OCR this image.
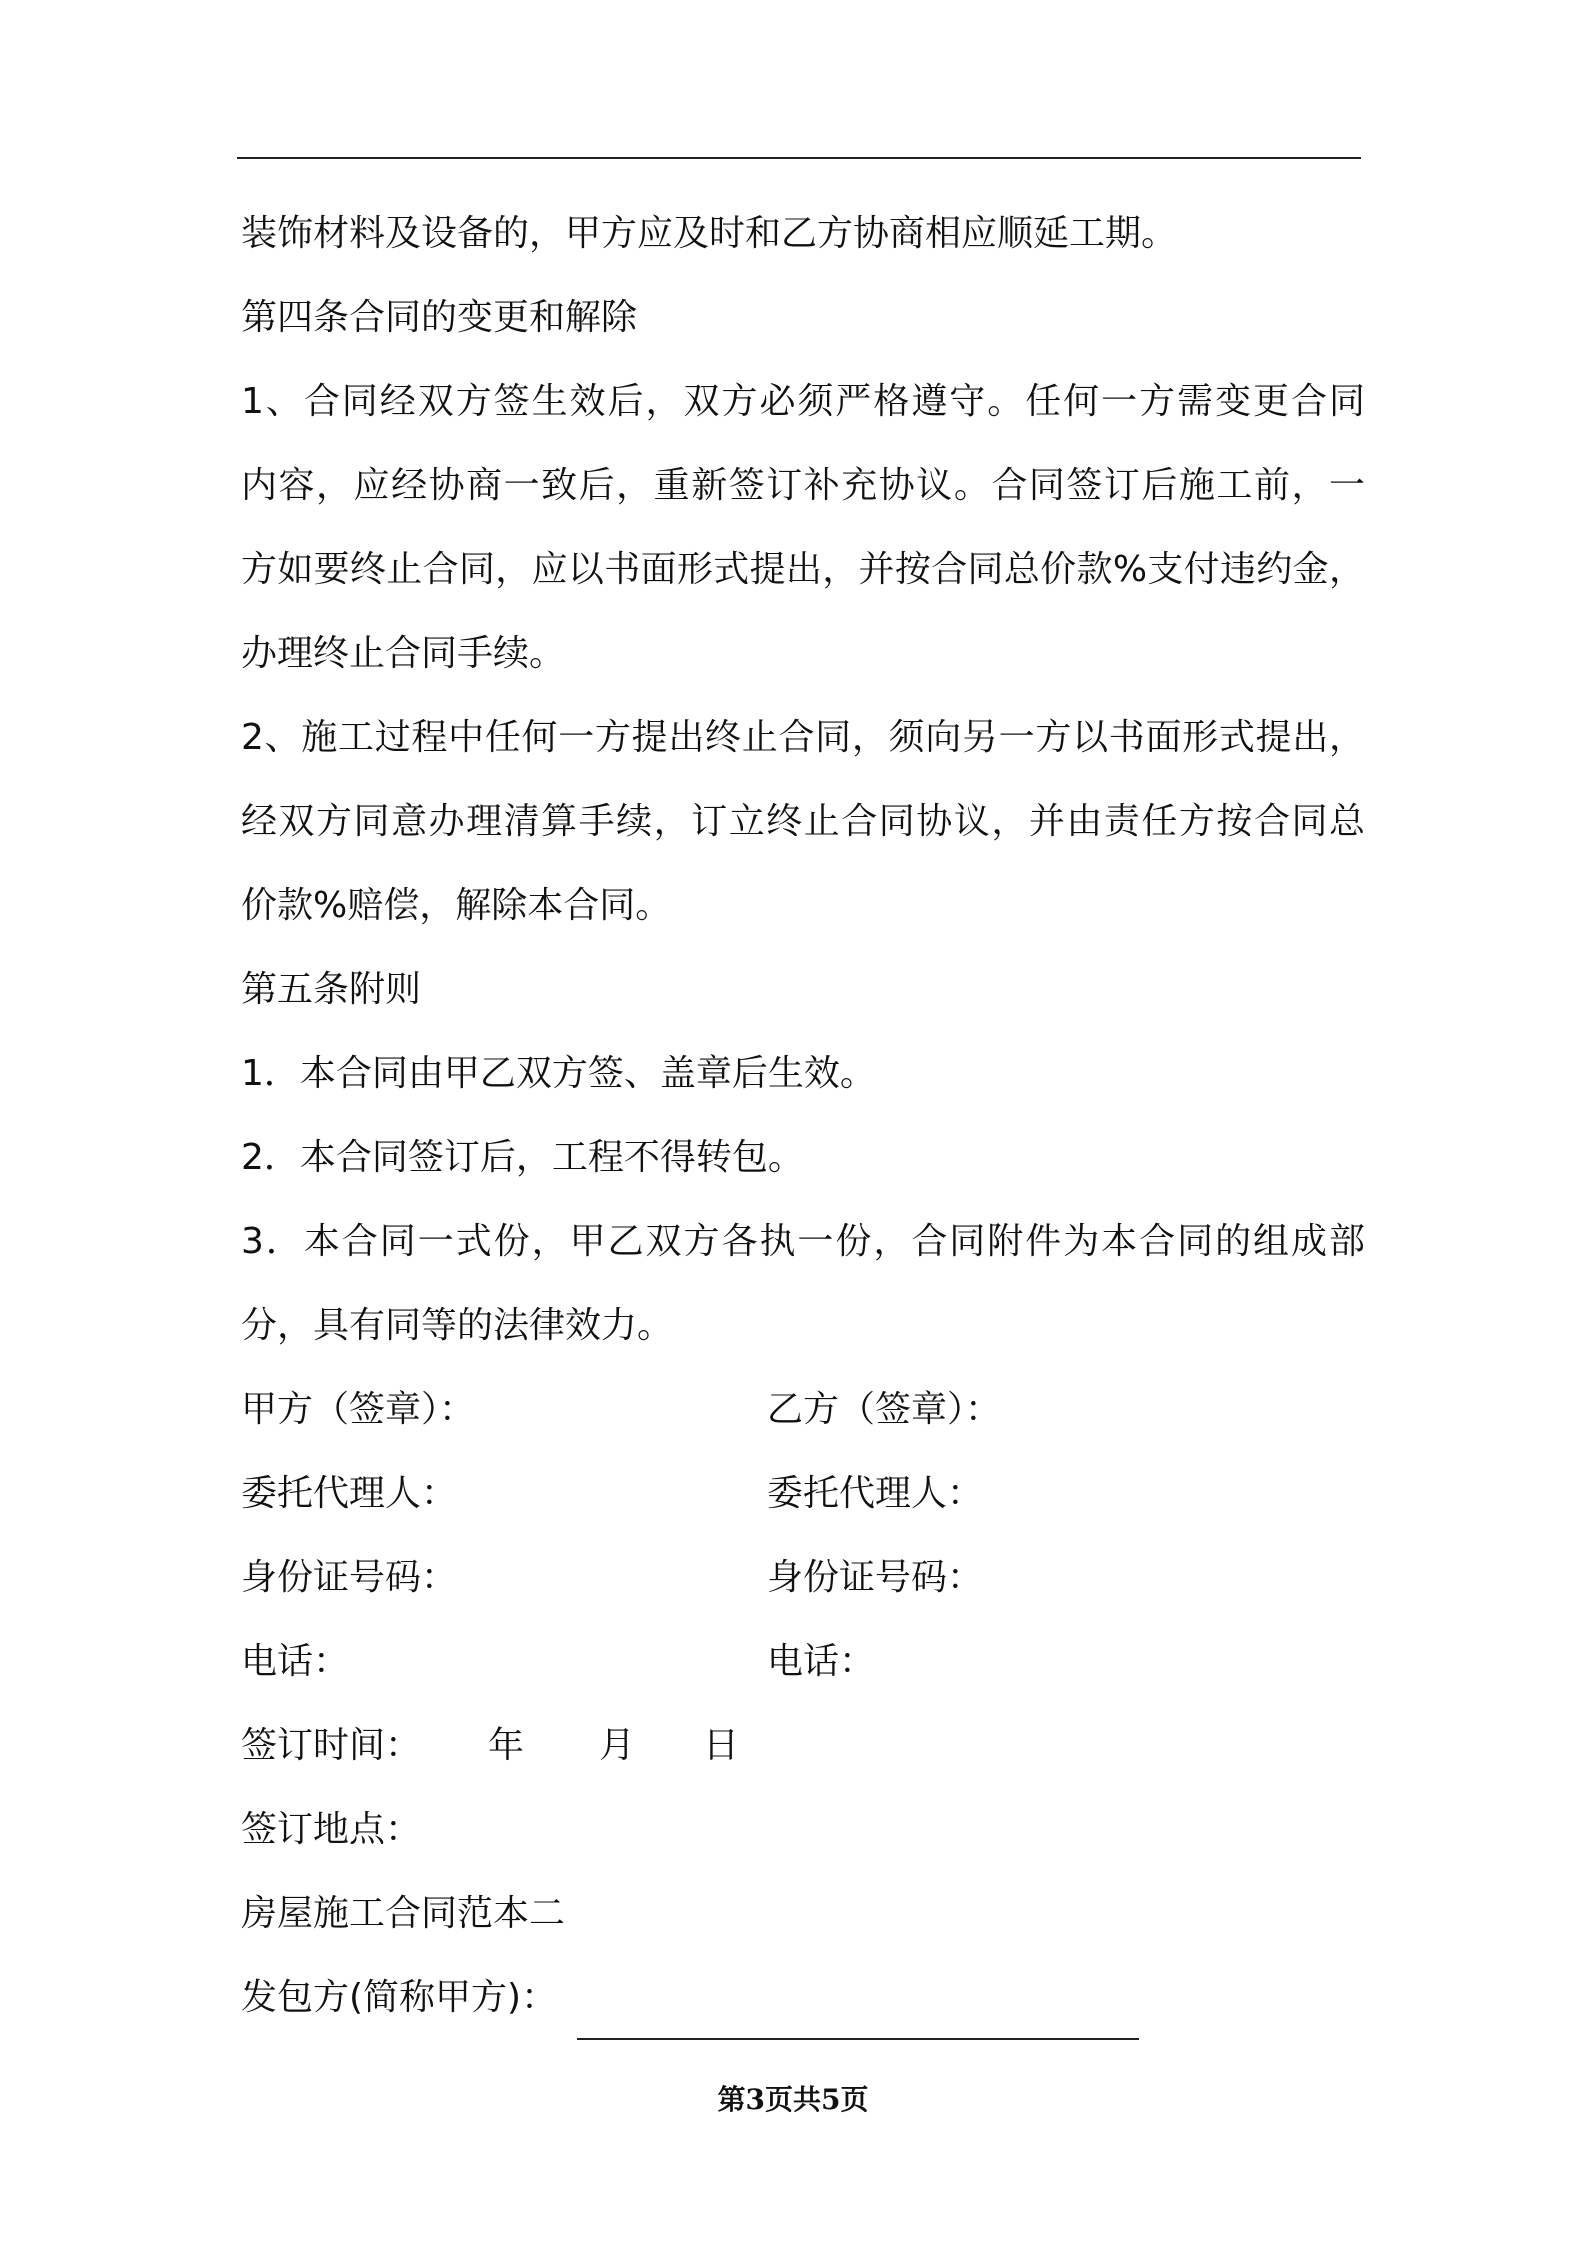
装饰材料及设备的，甲方应及时和乙方协商相应顺延工期。
第四条合同的变更和解除
1、合同经双方签生效后，双方必须严格遵守。任何一方需变更合同
内容，应经协商一致后，重新签订补充协议。合同签订后施工前，一
方如要终止合同，应以书面形式提出，并按合同总价款%支付违约金，
办理终止合同手续。
2、施工过程中任何一方提出终止合同，须向另一方以书面形式提出，
经双方同意办理清算手续，订立终止合同协议，并由责任方按合同总
价款%赔偿，解除本合同。
第五条附则
1．本合同由甲乙双方签、盖章后生效。
2．本合同签订后，工程不得转包。
3．本合同一式份，甲乙双方各执一份，合同附件为本合同的组成部
分，具有同等的法律效力。
甲方（签章）：	乙方（签章）：
委托代理人：	委托代理人：
身份证号码：	身份证号码：
电话：	电话：
签订时间： 年 月 日
签订地点：
房屋施工合同范本二
发包方(简称甲方)：
第3页共5页
